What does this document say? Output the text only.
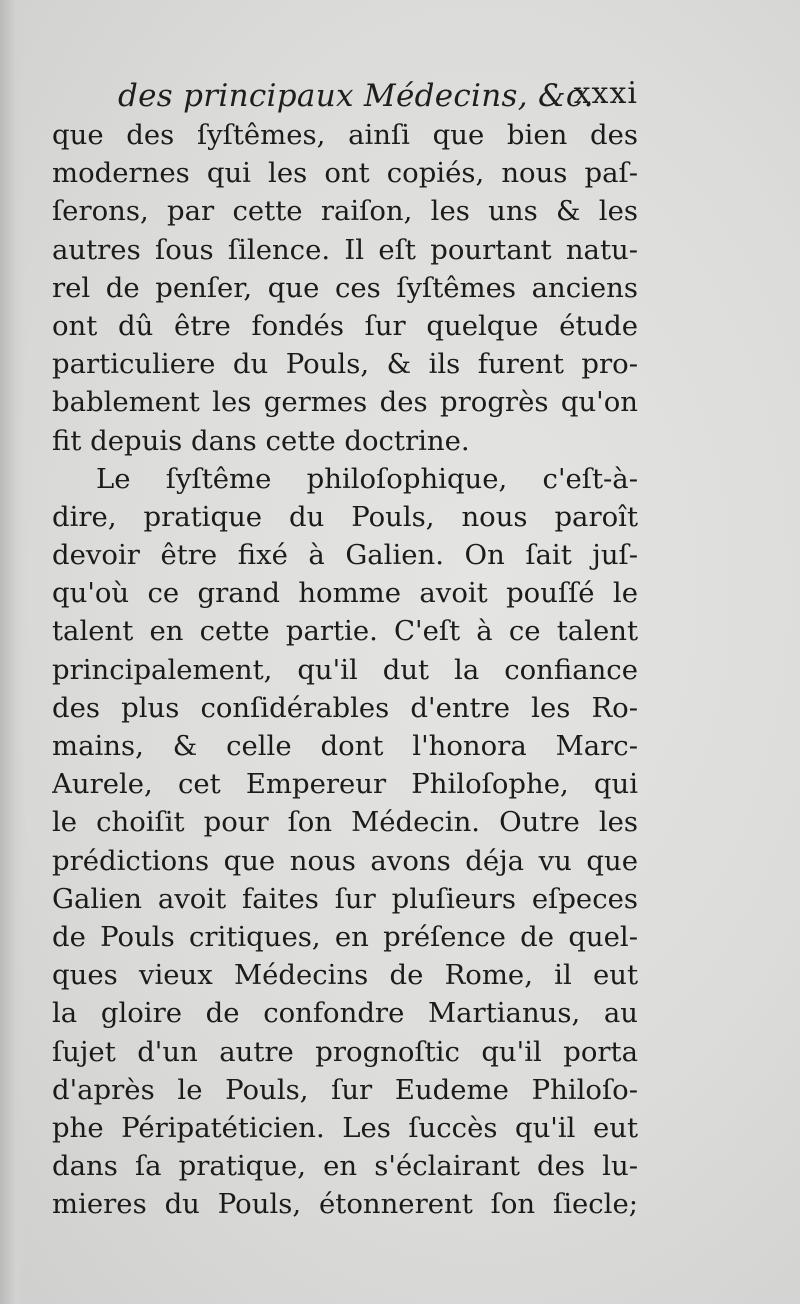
des principaux Médecins, &c.
xxxi
que des ſyſtêmes, ainſi que bien des
modernes qui les ont copiés, nous paſ-
ſerons, par cette raiſon, les uns & les
autres ſous ſilence. Il eſt pourtant natu-
rel de penſer, que ces ſyſtêmes anciens
ont dû être fondés ſur quelque étude
particuliere du Pouls, & ils furent pro-
bablement les germes des progrès qu'on
fit depuis dans cette doctrine.
Le ſyſtême philoſophique, c'eſt-à-
dire, pratique du Pouls, nous paroît
devoir être fixé à Galien. On ſait juſ-
qu'où ce grand homme avoit pouſſé le
talent en cette partie. C'eſt à ce talent
principalement, qu'il dut la confiance
des plus conſidérables d'entre les Ro-
mains, & celle dont l'honora Marc-
Aurele, cet Empereur Philoſophe, qui
le choiſit pour ſon Médecin. Outre les
prédictions que nous avons déja vu que
Galien avoit faites ſur pluſieurs eſpeces
de Pouls critiques, en préſence de quel-
ques vieux Médecins de Rome, il eut
la gloire de confondre Martianus, au
ſujet d'un autre prognoſtic qu'il porta
d'après le Pouls, ſur Eudeme Philoſo-
phe Péripatéticien. Les ſuccès qu'il eut
dans ſa pratique, en s'éclairant des lu-
mieres du Pouls, étonnerent ſon ſiecle;
